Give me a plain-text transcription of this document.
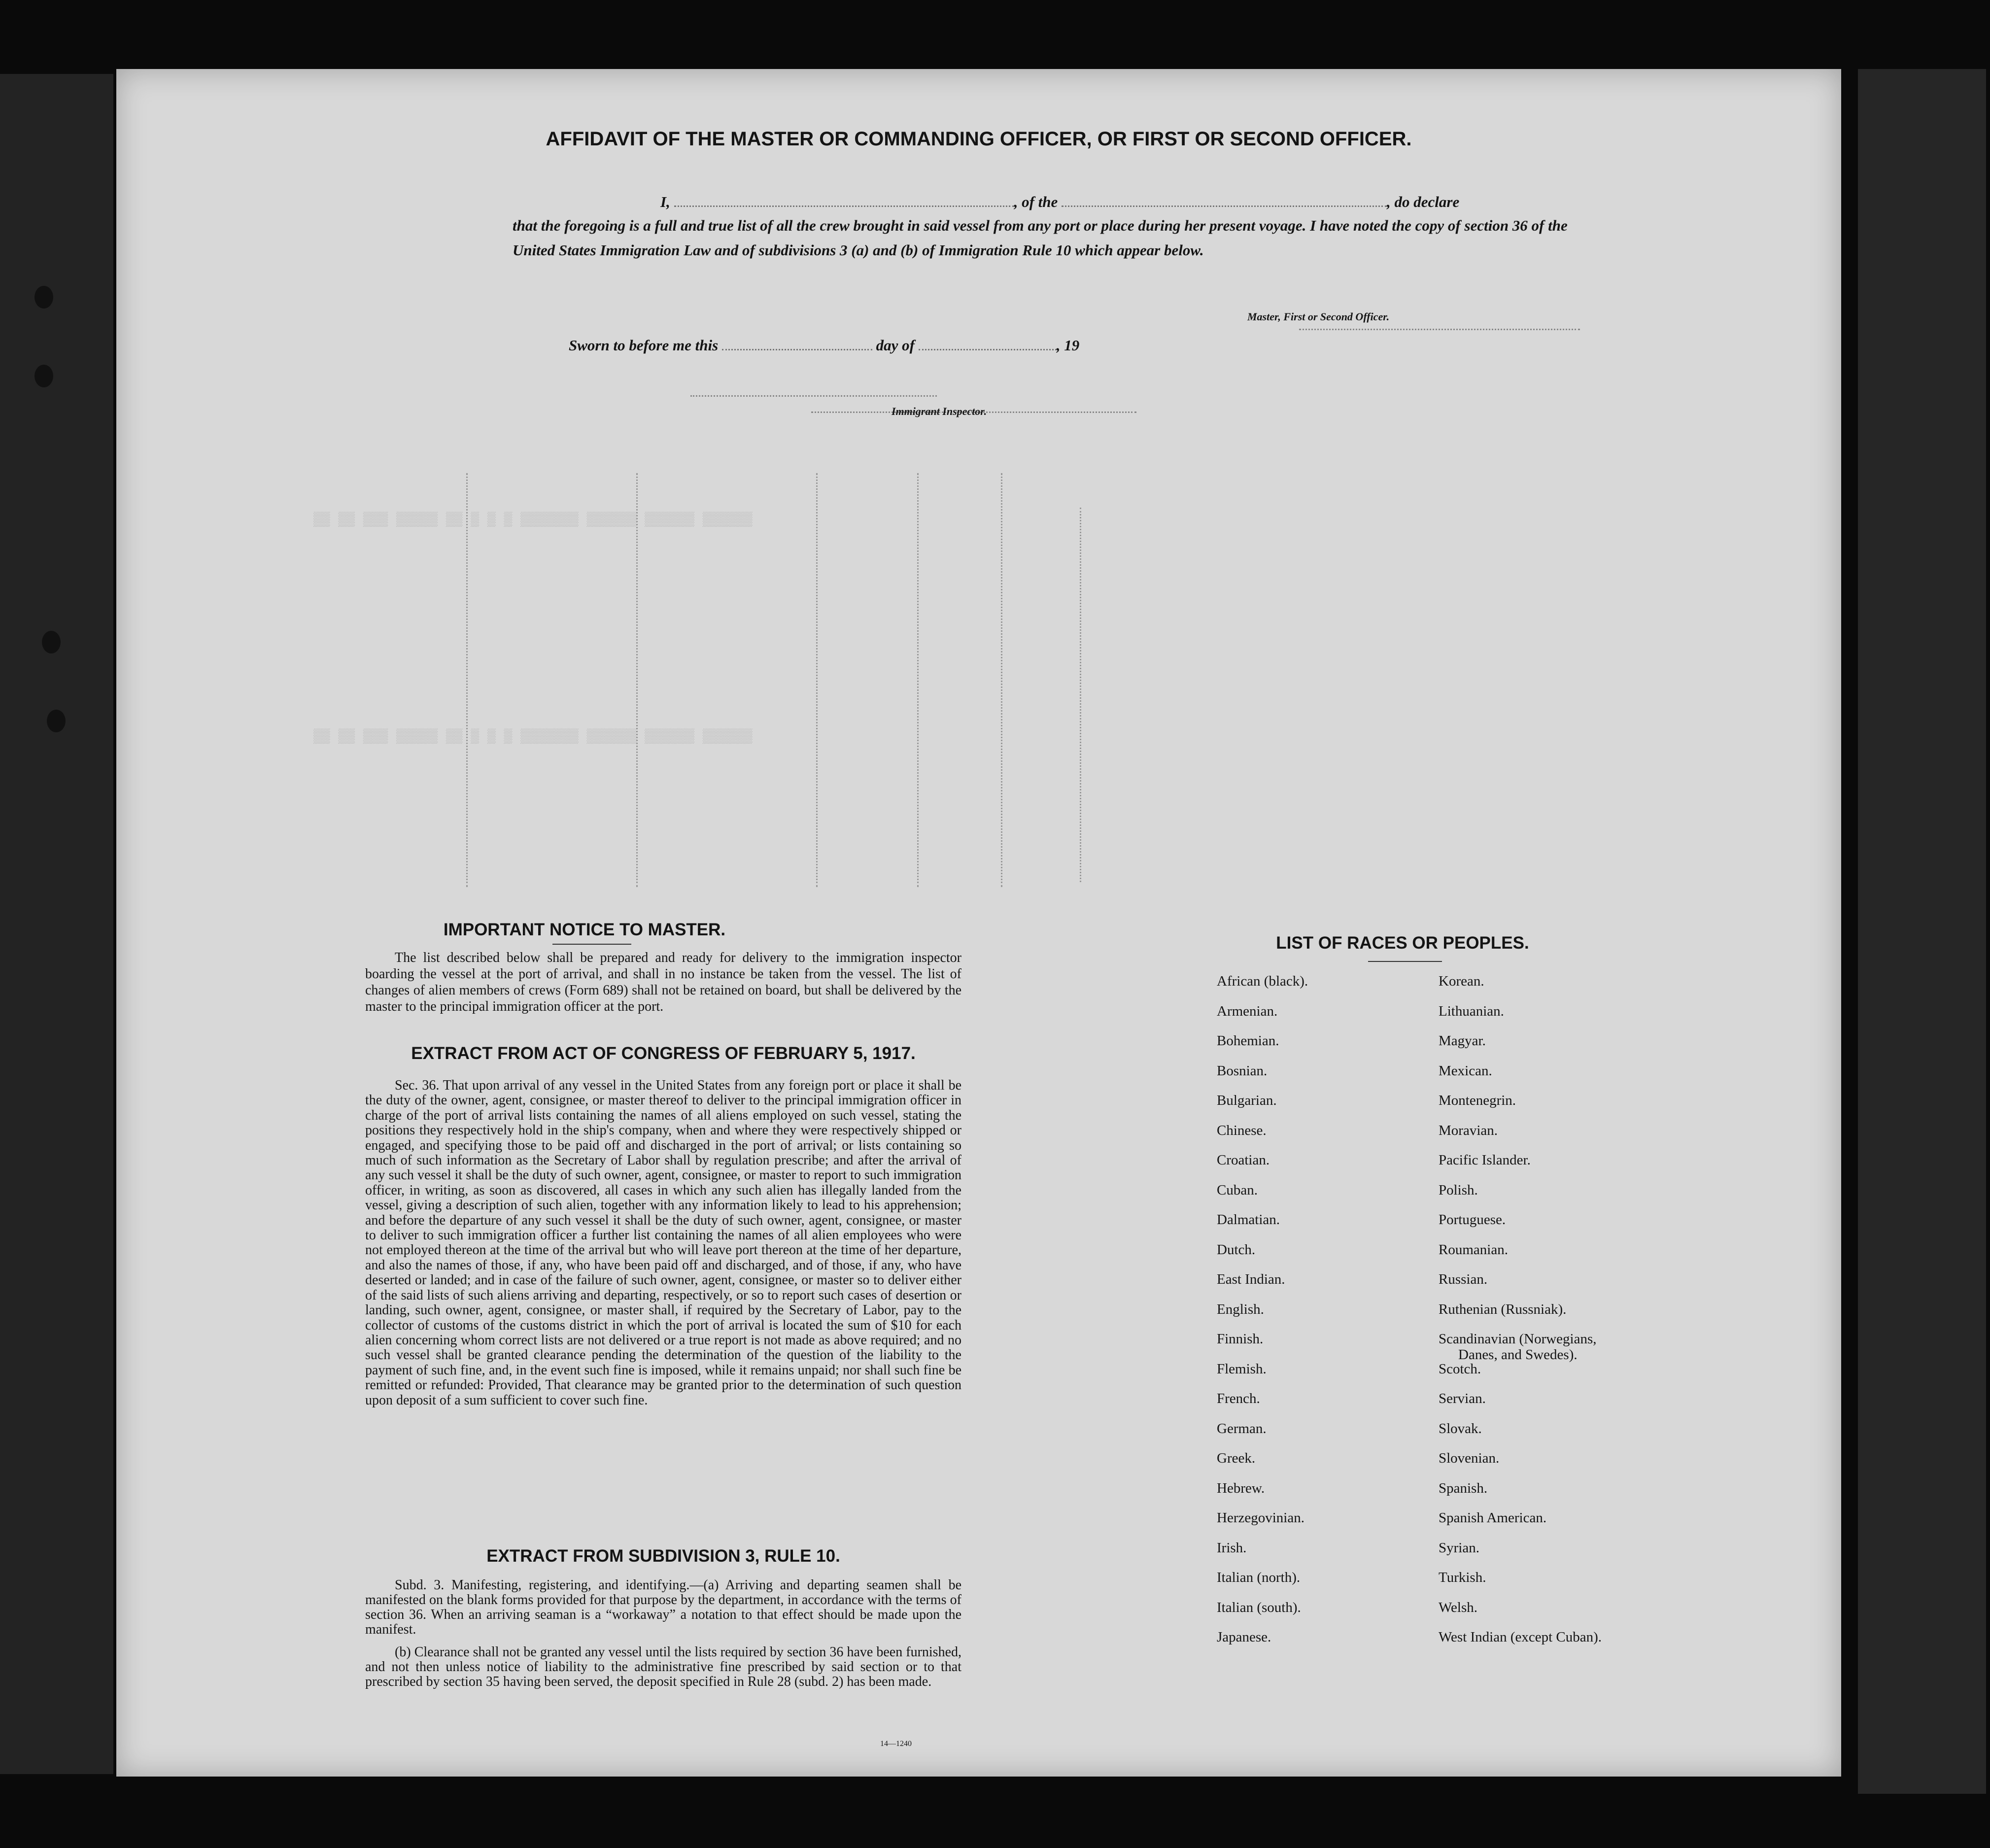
▒▒ ▒▒ ▒▒▒ ▒▒▒▒▒ ▒▒ ▒ ▒ ▒ ▒▒▒▒▒▒▒ ▒▒▒▒▒▒ ▒▒▒▒▒▒ ▒▒▒▒▒▒
▒▒ ▒▒ ▒▒▒ ▒▒▒▒▒ ▒▒ ▒ ▒ ▒ ▒▒▒▒▒▒▒ ▒▒▒▒▒▒ ▒▒▒▒▒▒ ▒▒▒▒▒▒
AFFIDAVIT OF THE MASTER OR COMMANDING OFFICER, OR FIRST OR SECOND OFFICER.
I,	, of the	, do declare

that the foregoing is a full and true list of all the crew brought in said vessel from any port or place during her present voyage. I have noted the copy of section 36 of the United States Immigration Law and of subdivisions 3 (a) and (b) of Immigration Rule 10 which appear below.

Master, First or Second Officer.
Sworn to before me this	day of	, 19
Immigrant Inspector.
IMPORTANT NOTICE TO MASTER.

The list described below shall be prepared and ready for delivery to the immigration inspector boarding the vessel at the port of arrival, and shall in no instance be taken from the vessel. The list of changes of alien members of crews (Form 689) shall not be retained on board, but shall be delivered by the master to the principal immigration officer at the port.

EXTRACT FROM ACT OF CONGRESS OF FEBRUARY 5, 1917.

Sec. 36. That upon arrival of any vessel in the United States from any foreign port or place it shall be the duty of the owner, agent, consignee, or master thereof to deliver to the principal immigration officer in charge of the port of arrival lists containing the names of all aliens employed on such vessel, stating the positions they respectively hold in the ship's company, when and where they were respectively shipped or engaged, and specifying those to be paid off and discharged in the port of arrival; or lists containing so much of such information as the Secretary of Labor shall by regulation prescribe; and after the arrival of any such vessel it shall be the duty of such owner, agent, consignee, or master to report to such immigration officer, in writing, as soon as discovered, all cases in which any such alien has illegally landed from the vessel, giving a description of such alien, together with any information likely to lead to his apprehension; and before the departure of any such vessel it shall be the duty of such owner, agent, consignee, or master to deliver to such immigration officer a further list containing the names of all alien employees who were not employed thereon at the time of the arrival but who will leave port thereon at the time of her departure, and also the names of those, if any, who have been paid off and discharged, and of those, if any, who have deserted or landed; and in case of the failure of such owner, agent, consignee, or master so to deliver either of the said lists of such aliens arriving and departing, respectively, or so to report such cases of desertion or landing, such owner, agent, consignee, or master shall, if required by the Secretary of Labor, pay to the collector of customs of the customs district in which the port of arrival is located the sum of $10 for each alien concerning whom correct lists are not delivered or a true report is not made as above required; and no such vessel shall be granted clearance pending the determination of the question of the liability to the payment of such fine, and, in the event such fine is imposed, while it remains unpaid; nor shall such fine be remitted or refunded: Provided, That clearance may be granted prior to the determination of such question upon deposit of a sum sufficient to cover such fine.

EXTRACT FROM SUBDIVISION 3, RULE 10.

Subd. 3. Manifesting, registering, and identifying.—(a) Arriving and departing seamen shall be manifested on the blank forms provided for that purpose by the department, in accordance with the terms of section 36. When an arriving seaman is a “workaway” a notation to that effect should be made upon the manifest.

(b) Clearance shall not be granted any vessel until the lists required by section 36 have been furnished, and not then unless notice of liability to the administrative fine prescribed by said section or to that prescribed by section 35 having been served, the deposit specified in Rule 28 (subd. 2) has been made.

14—1240
LIST OF RACES OR PEOPLES.
African (black).
Armenian.
Bohemian.
Bosnian.
Bulgarian.
Chinese.
Croatian.
Cuban.
Dalmatian.
Dutch.
East Indian.
English.
Finnish.
Flemish.
French.
German.
Greek.
Hebrew.
Herzegovinian.
Irish.
Italian (north).
Italian (south).
Japanese.
Korean.
Lithuanian.
Magyar.
Mexican.
Montenegrin.
Moravian.
Pacific Islander.
Polish.
Portuguese.
Roumanian.
Russian.
Ruthenian (Russniak).
Scandinavian (Norwegians,
Danes, and Swedes).
Scotch.
Servian.
Slovak.
Slovenian.
Spanish.
Spanish American.
Syrian.
Turkish.
Welsh.
West Indian (except Cuban).
